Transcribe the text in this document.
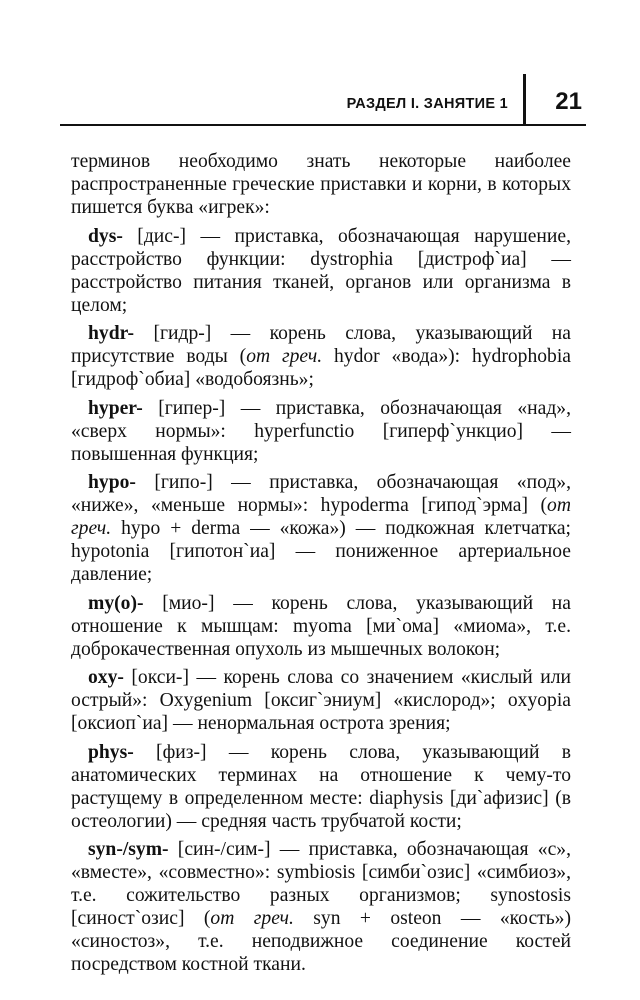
РАЗДЕЛ I. ЗАНЯТИЕ 1 21

терминов необходимо знать некоторые наиболее распространенные греческие приставки и корни, в которых пишется буква «игрек»:

dys- [дис-] — приставка, обозначающая нарушение, расстройство функции: dystrophia [дистроф`иа] — расстройство питания тканей, органов или организма в целом;

hydr- [гидр-] — корень слова, указывающий на присутствие воды (от греч. hydor «вода»): hydrophobia [гидроф`обиа] «водобоязнь»;

hyper- [гипер-] — приставка, обозначающая «над», «сверх нормы»: hyperfunctio [гиперф`ункцио] — повышенная функция;

hypo- [гипо-] — приставка, обозначающая «под», «ниже», «меньше нормы»: hypoderma [гипод`эрма] (от греч. hypo + derma — «кожа») — подкожная клетчатка; hypotonia [гипотон`иа] — пониженное артериальное давление;

my(o)- [мио-] — корень слова, указывающий на отношение к мышцам: myoma [ми`ома] «миома», т.е. доброкачественная опухоль из мышечных волокон;

oxy- [окси-] — корень слова со значением «кислый или острый»: Oxygenium [оксиг`эниум] «кислород»; oxyopia [оксиоп`иа] — ненормальная острота зрения;

phys- [физ-] — корень слова, указывающий в анатомических терминах на отношение к чему-то растущему в определенном месте: diaphysis [ди`афизис] (в остеологии) — средняя часть трубчатой кости;

syn-/sym- [син-/сим-] — приставка, обозначающая «с», «вместе», «совместно»: symbiosis [симби`озис] «симбиоз», т.е. сожительство разных организмов; synostosis [синост`озис] (от греч. syn + osteon — «кость») «синостоз», т.е. неподвижное соединение костей посредством костной ткани.
